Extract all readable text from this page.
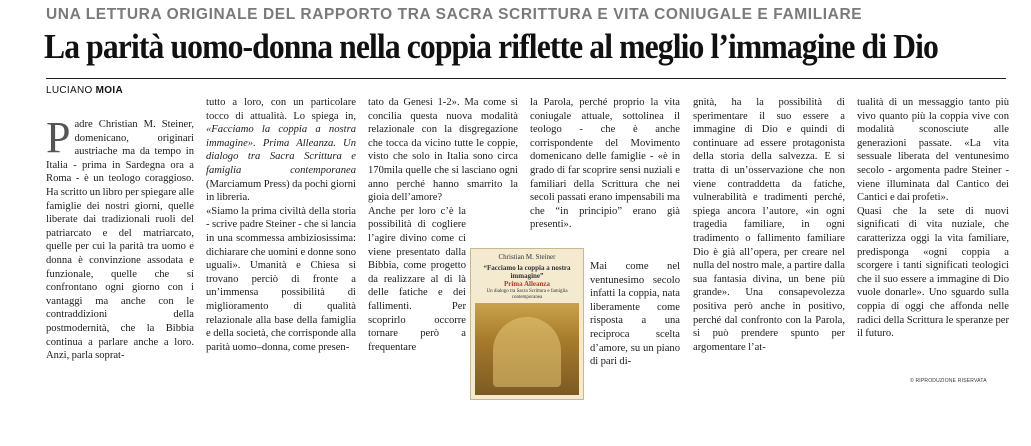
UNA LETTURA ORIGINALE DEL RAPPORTO TRA SACRA SCRITTURA E VITA CONIUGALE E FAMILIARE
La parità uomo-donna nella coppia riflette al meglio l’immagine di Dio
LUCIANO MOIA

Padre Christian M. Steiner, domenicano, originari austriache ma da tempo in Italia - prima in Sardegna ora a Roma - è un teologo coraggioso. Ha scritto un libro per spiegare alle famiglie dei nostri giorni, quelle liberate dai tradizionali ruoli del patriarcato e del matriarcato, quelle per cui la parità tra uomo e donna è convinzione assodata e funzionale, quelle che si confrontano ogni giorno con i vantaggi ma anche con le contraddizioni della postmodernità, che la Bibbia continua a parlare anche a loro. Anzi, parla soprat-

tutto a loro, con un particolare tocco di attualità. Lo spiega in, «Facciamo la coppia a nostra immagine». Prima Alleanza. Un dialogo tra Sacra Scrittura e famiglia contemporanea (Marciamum Press) da pochi giorni in libreria.

«Siamo la prima civiltà della storia - scrive padre Steiner - che si lancia in una scommessa ambiziosissima: dichiarare che uomini e donne sono uguali». Umanità e Chiesa si trovano perciò di fronte a un’immensa possibilità di miglioramento di qualità relazionale alla base della famiglia e della società, che corrisponde alla parità uomo–donna, come presen-

tato da Genesi 1-2». Ma come si concilia questa nuova modalità relazionale con la disgregazione che tocca da vicino tutte le coppie, visto che solo in Italia sono circa 170mila quelle che si lasciano ogni anno perché hanno smarrito la gioia dell’amore?

Anche per loro c’è la possibilità di cogliere l’agire divino come ci viene presentato dalla Bibbia, come progetto da realizzare al di là delle fatiche e dei fallimenti. Per scoprirlo occorre tornare però a frequentare

la Parola, perché proprio la vita coniugale attuale, sottolinea il teologo - che è anche corrispondente del Movimento domenicano delle famiglie - «è in grado di far scoprire sensi nuziali e familiari della Scrittura che nei secoli passati erano impensabili ma che “in principio” erano già presenti».

Mai come nel ventunesimo secolo infatti la coppia, nata liberamente come risposta a una reciproca scelta d’amore, su un piano di pari di-

gnità, ha la possibilità di sperimentare il suo essere a immagine di Dio e quindi di continuare ad essere protagonista della storia della salvezza. E si tratta di un’osservazione che non viene contraddetta da fatiche, vulnerabilità e tradimenti perché, spiega ancora l’autore, «in ogni tragedia familiare, in ogni tradimento o fallimento familiare Dio è già all’opera, per creare nel nulla del nostro male, a partire dalla sua fantasia divina, un bene più grande». Una consapevolezza positiva però anche in positivo, perché dal confronto con la Parola, si può prendere spunto per argomentare l’at-

tualità di un messaggio tanto più vivo quanto più la coppia vive con modalità sconosciute alle generazioni passate. «La vita sessuale liberata del ventunesimo secolo - argomenta padre Steiner - viene illuminata dal Cantico dei Cantici e dai profeti».

Quasi che la sete di nuovi significati di vita nuziale, che caratterizza oggi la vita familiare, predisponga «ogni coppia a scorgere i tanti significati teologici che il suo essere a immagine di Dio vuole donarle». Uno sguardo sulla coppia di oggi che affonda nelle radici della Scrittura le speranze per il futuro.

Christian M. Steiner
“Facciamo la coppia a nostra immagine”
Prima Alleanza
Un dialogo tra Sacra Scrittura e famiglia contemporanea
© RIPRODUZIONE RISERVATA
